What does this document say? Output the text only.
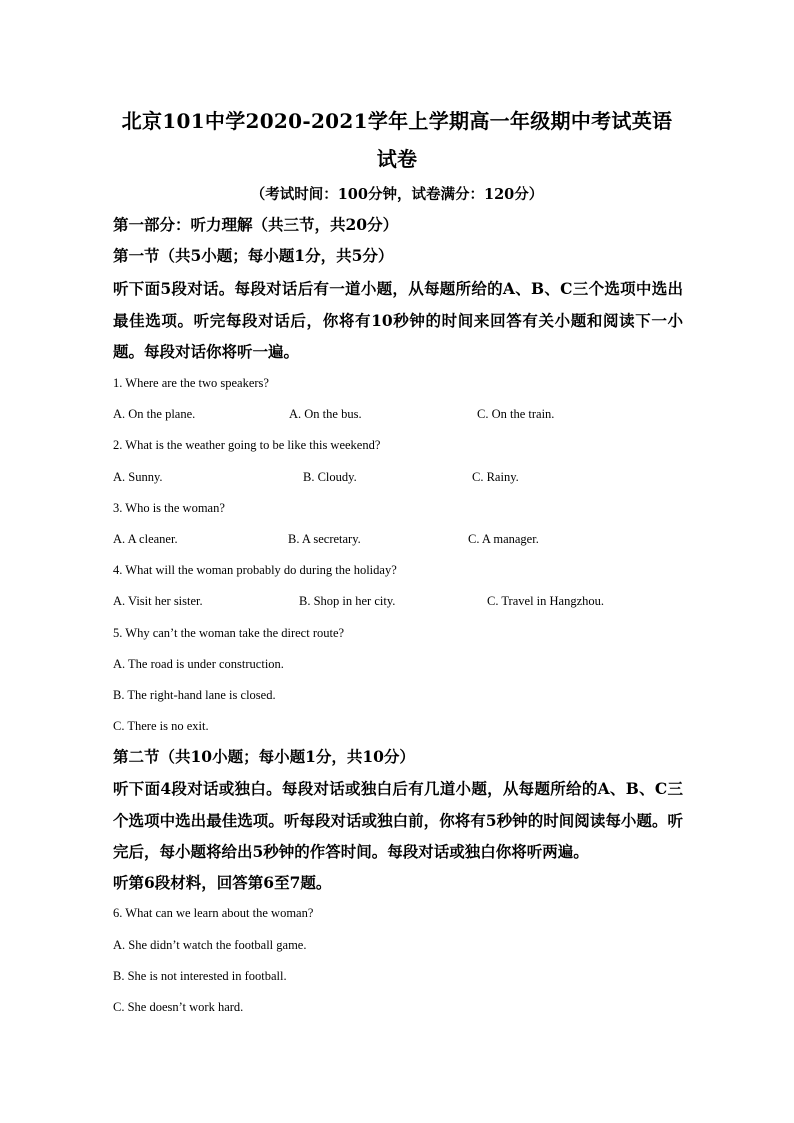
北京101中学2020-2021学年上学期高一年级期中考试英语试卷
（考试时间：100分钟，试卷满分：120分）
第一部分：听力理解（共三节，共20分）
第一节（共5小题；每小题1分，共5分）
听下面5段对话。每段对话后有一道小题，从每题所给的A、B、C三个选项中选出最佳选项。听完每段对话后，你将有10秒钟的时间来回答有关小题和阅读下一小题。每段对话你将听一遍。
1. Where are the two speakers?
A. On the plane.	A. On the bus.	C. On the train.
2. What is the weather going to be like this weekend?
A. Sunny.	B. Cloudy.	C. Rainy.
3. Who is the woman?
A. A cleaner.	B. A secretary.	C. A manager.
4. What will the woman probably do during the holiday?
A. Visit her sister.	B. Shop in her city.	C. Travel in Hangzhou.
5. Why can’t the woman take the direct route?
A. The road is under construction.
B. The right-hand lane is closed.
C. There is no exit.
第二节（共10小题；每小题1分，共10分）
听下面4段对话或独白。每段对话或独白后有几道小题，从每题所给的A、B、C三个选项中选出最佳选项。听每段对话或独白前，你将有5秒钟的时间阅读每小题。听完后，每小题将给出5秒钟的作答时间。每段对话或独白你将听两遍。
听第6段材料，回答第6至7题。
6. What can we learn about the woman?
A. She didn’t watch the football game.
B. She is not interested in football.
C. She doesn’t work hard.
